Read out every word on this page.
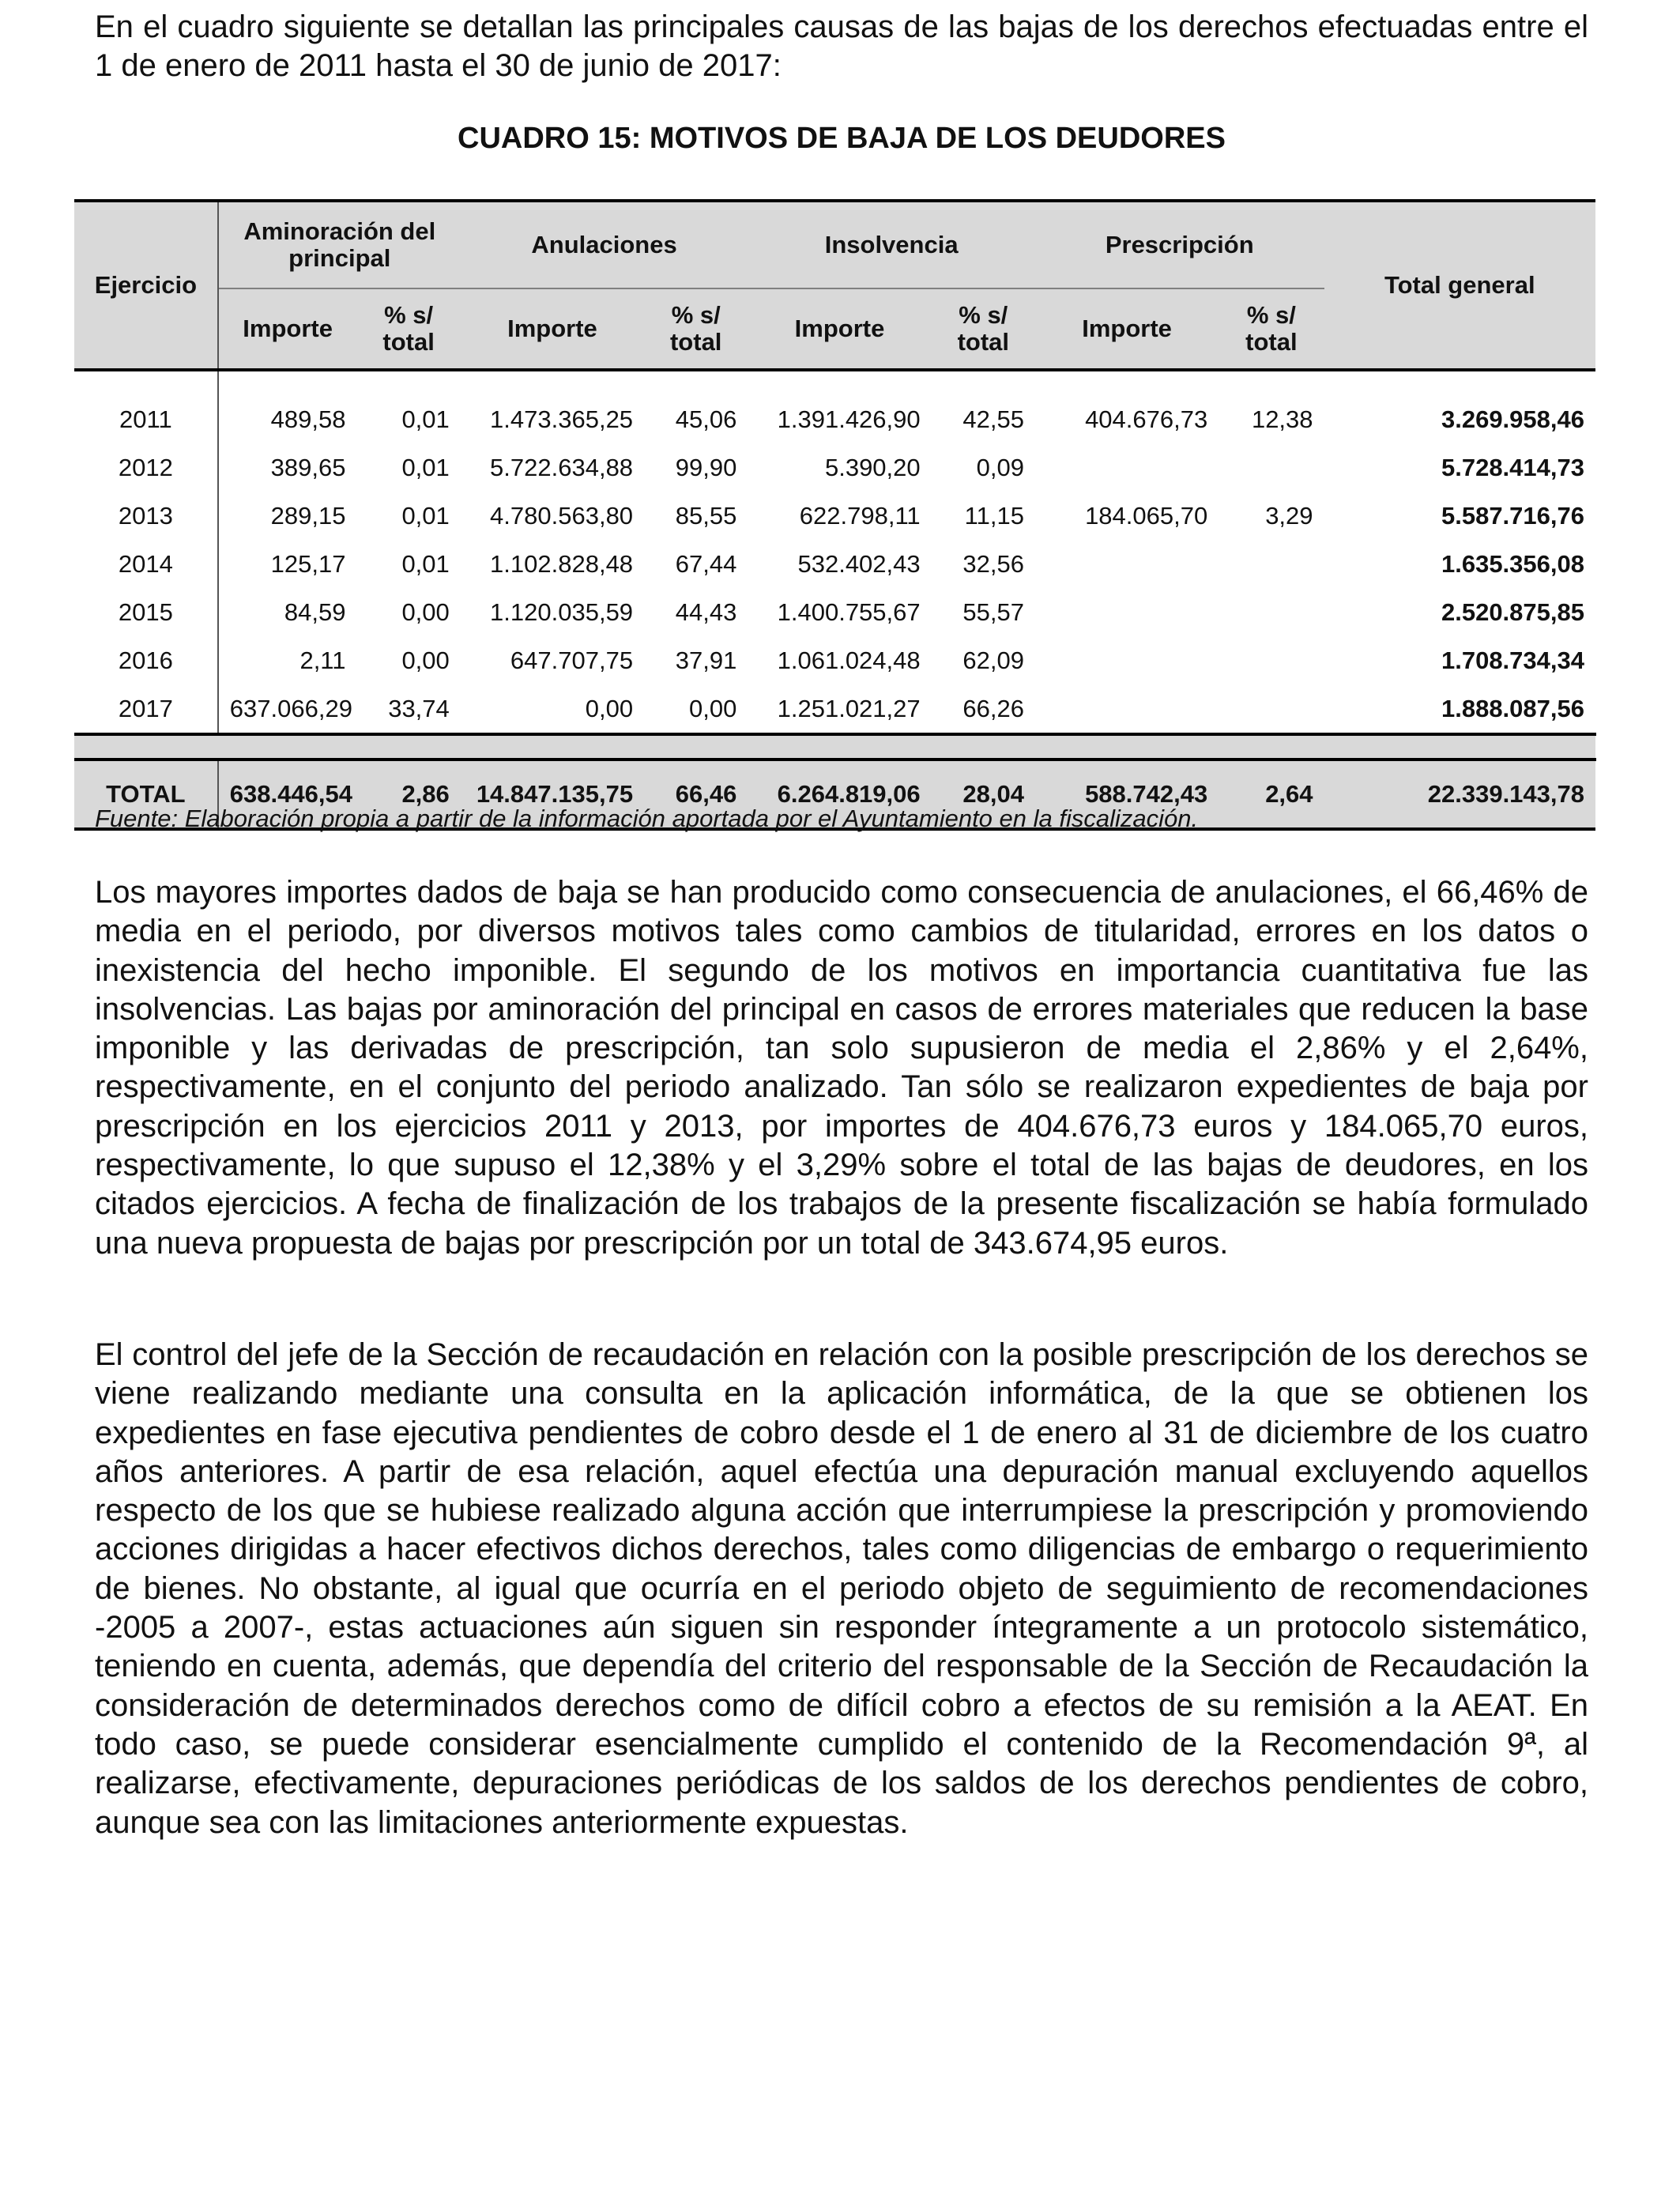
En el cuadro siguiente se detallan las principales causas de las bajas de los derechos efectuadas entre el 1 de enero de 2011 hasta el 30 de junio de 2017:

CUADRO 15: MOTIVOS DE BAJA DE LOS DEUDORES
Ejercicio	Aminoración del principal		Anulaciones		Insolvencia		Prescripción		Total general
	Importe	% s/ total	Importe	% s/ total	Importe	% s/ total	Importe	% s/ total	
2011	489,58	0,01	1.473.365,25	45,06	1.391.426,90	42,55	404.676,73	12,38	3.269.958,46
2012	389,65	0,01	5.722.634,88	99,90	5.390,20	0,09			5.728.414,73
2013	289,15	0,01	4.780.563,80	85,55	622.798,11	11,15	184.065,70	3,29	5.587.716,76
2014	125,17	0,01	1.102.828,48	67,44	532.402,43	32,56			1.635.356,08
2015	84,59	0,00	1.120.035,59	44,43	1.400.755,67	55,57			2.520.875,85
2016	2,11	0,00	647.707,75	37,91	1.061.024,48	62,09			1.708.734,34
2017	637.066,29	33,74	0,00	0,00	1.251.021,27	66,26			1.888.087,56

TOTAL	638.446,54	2,86	14.847.135,75	66,46	6.264.819,06	28,04	588.742,43	2,64	22.339.143,78

Fuente: Elaboración propia a partir de la información aportada por el Ayuntamiento en la fiscalización.

Los mayores importes dados de baja se han producido como consecuencia de anulaciones, el 66,46% de media en el periodo, por diversos motivos tales como cambios de titularidad, errores en los datos o inexistencia del hecho imponible. El segundo de los motivos en importancia cuantitativa fue las insolvencias. Las bajas por aminoración del principal en casos de errores materiales que reducen la base imponible y las derivadas de prescripción, tan solo supusieron de media el 2,86% y el 2,64%, respectivamente, en el conjunto del periodo analizado. Tan sólo se realizaron expedientes de baja por prescripción en los ejercicios 2011 y 2013, por importes de 404.676,73 euros y 184.065,70 euros, respectivamente, lo que supuso el 12,38% y el 3,29% sobre el total de las bajas de deudores, en los citados ejercicios. A fecha de finalización de los trabajos de la presente fiscalización se había formulado una nueva propuesta de bajas por prescripción por un total de 343.674,95 euros.

El control del jefe de la Sección de recaudación en relación con la posible prescripción de los derechos se viene realizando mediante una consulta en la aplicación informática, de la que se obtienen los expedientes en fase ejecutiva pendientes de cobro desde el 1 de enero al 31 de diciembre de los cuatro años anteriores. A partir de esa relación, aquel efectúa una depuración manual excluyendo aquellos respecto de los que se hubiese realizado alguna acción que interrumpiese la prescripción y promoviendo acciones dirigidas a hacer efectivos dichos derechos, tales como diligencias de embargo o requerimiento de bienes. No obstante, al igual que ocurría en el periodo objeto de seguimiento de recomendaciones -2005 a 2007-, estas actuaciones aún siguen sin responder íntegramente a un protocolo sistemático, teniendo en cuenta, además, que dependía del criterio del responsable de la Sección de Recaudación la consideración de determinados derechos como de difícil cobro a efectos de su remisión a la AEAT. En todo caso, se puede considerar esencialmente cumplido el contenido de la Recomendación 9ª, al realizarse, efectivamente, depuraciones periódicas de los saldos de los derechos pendientes de cobro, aunque sea con las limitaciones anteriormente expuestas.
